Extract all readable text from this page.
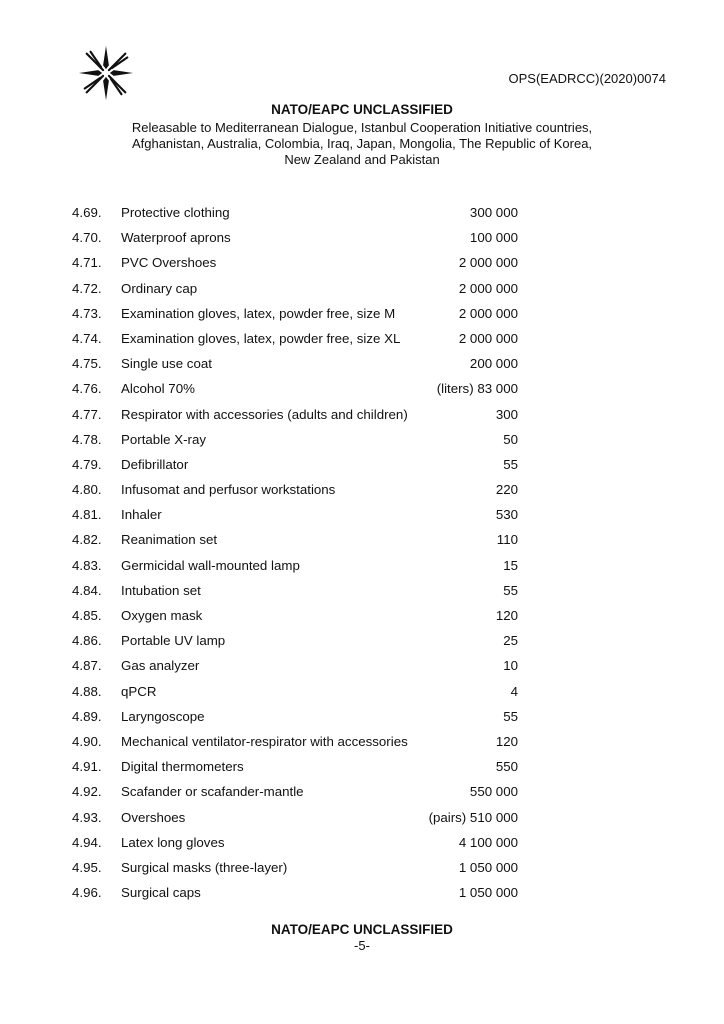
OPS(EADRCC)(2020)0074
NATO/EAPC UNCLASSIFIED
Releasable to Mediterranean Dialogue, Istanbul Cooperation Initiative countries,
Afghanistan, Australia, Colombia, Iraq, Japan, Mongolia, The Republic of Korea,
New Zealand and Pakistan
4.69. Protective clothing	300 000
4.70. Waterproof aprons	100 000
4.71. PVC Overshoes	2 000 000
4.72. Ordinary cap	2 000 000
4.73. Examination gloves, latex, powder free, size M	2 000 000
4.74. Examination gloves, latex, powder free, size XL	2 000 000
4.75. Single use coat	200 000
4.76. Alcohol 70%	(liters) 83 000
4.77. Respirator with accessories (adults and children)	300
4.78. Portable X-ray	50
4.79. Defibrillator	55
4.80. Infusomat and perfusor workstations	220
4.81. Inhaler	530
4.82. Reanimation set	110
4.83. Germicidal wall-mounted lamp	15
4.84. Intubation set	55
4.85. Oxygen mask	120
4.86. Portable UV lamp	25
4.87. Gas analyzer	10
4.88. qPCR	4
4.89. Laryngoscope	55
4.90. Mechanical ventilator-respirator with accessories	120
4.91. Digital thermometers	550
4.92. Scafander or scafander-mantle	550 000
4.93. Overshoes	(pairs) 510 000
4.94. Latex long gloves	4 100 000
4.95. Surgical masks (three-layer)	1 050 000
4.96. Surgical caps	1 050 000
NATO/EAPC UNCLASSIFIED
-5-
